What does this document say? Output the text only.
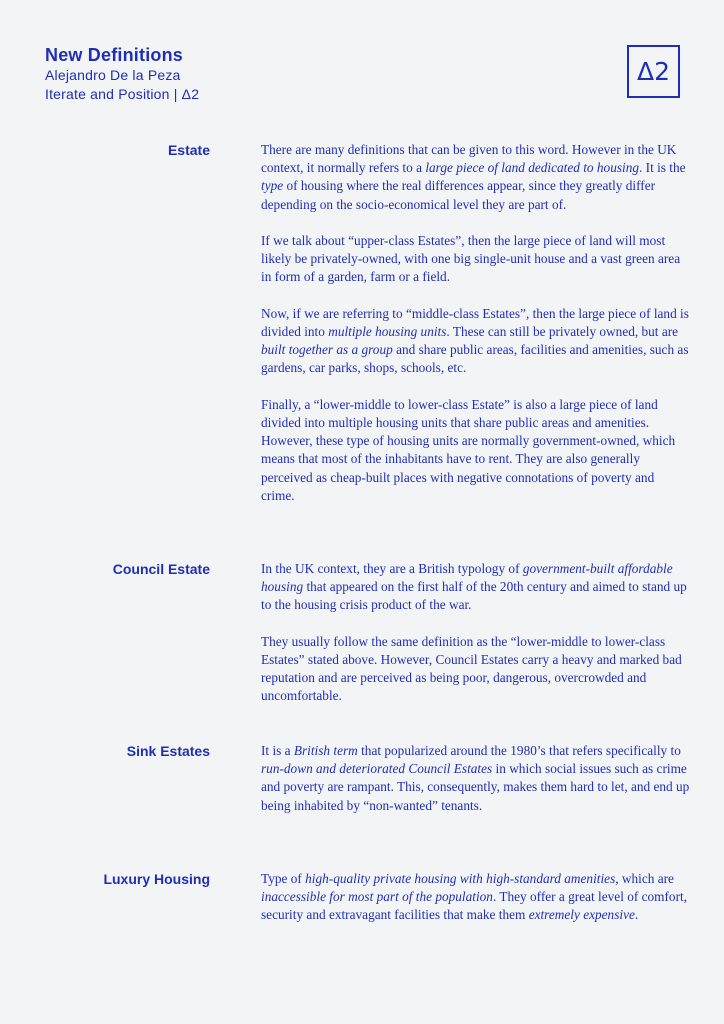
New Definitions
Alejandro De la Peza
Iterate and Position | Δ2
Δ2
Estate	There are many definitions that can be given to this word. However in the UK context, it normally refers to a large piece of land dedicated to housing. It is the type of housing where the real differences appear, since they greatly differ depending on the socio-economical level they are part of.

If we talk about “upper-class Estates”, then the large piece of land will most likely be privately-owned, with one big single-unit house and a vast green area in form of a garden, farm or a field.

Now, if we are referring to “middle-class Estates”, then the large piece of land is divided into multiple housing units. These can still be privately owned, but are built together as a group and share public areas, facilities and amenities, such as gardens, car parks, shops, schools, etc.

Finally, a “lower-middle to lower-class Estate” is also a large piece of land divided into multiple housing units that share public areas and amenities. However, these type of housing units are normally government-owned, which means that most of the inhabitants have to rent. They are also generally perceived as cheap-built places with negative connotations of poverty and crime.

Council Estate	In the UK context, they are a British typology of government-built affordable housing that appeared on the first half of the 20th century and aimed to stand up to the housing crisis product of the war.

They usually follow the same definition as the “lower-middle to lower-class Estates” stated above. However, Council Estates carry a heavy and marked bad reputation and are perceived as being poor, dangerous, overcrowded and uncomfortable.

Sink Estates	It is a British term that popularized around the 1980’s that refers specifically to run-down and deteriorated Council Estates in which social issues such as crime and poverty are rampant. This, consequently, makes them hard to let, and end up being inhabited by “non-wanted” tenants.

Luxury Housing	Type of high-quality private housing with high-standard amenities, which are inaccessible for most part of the population. They offer a great level of comfort, security and extravagant facilities that make them extremely expensive.
